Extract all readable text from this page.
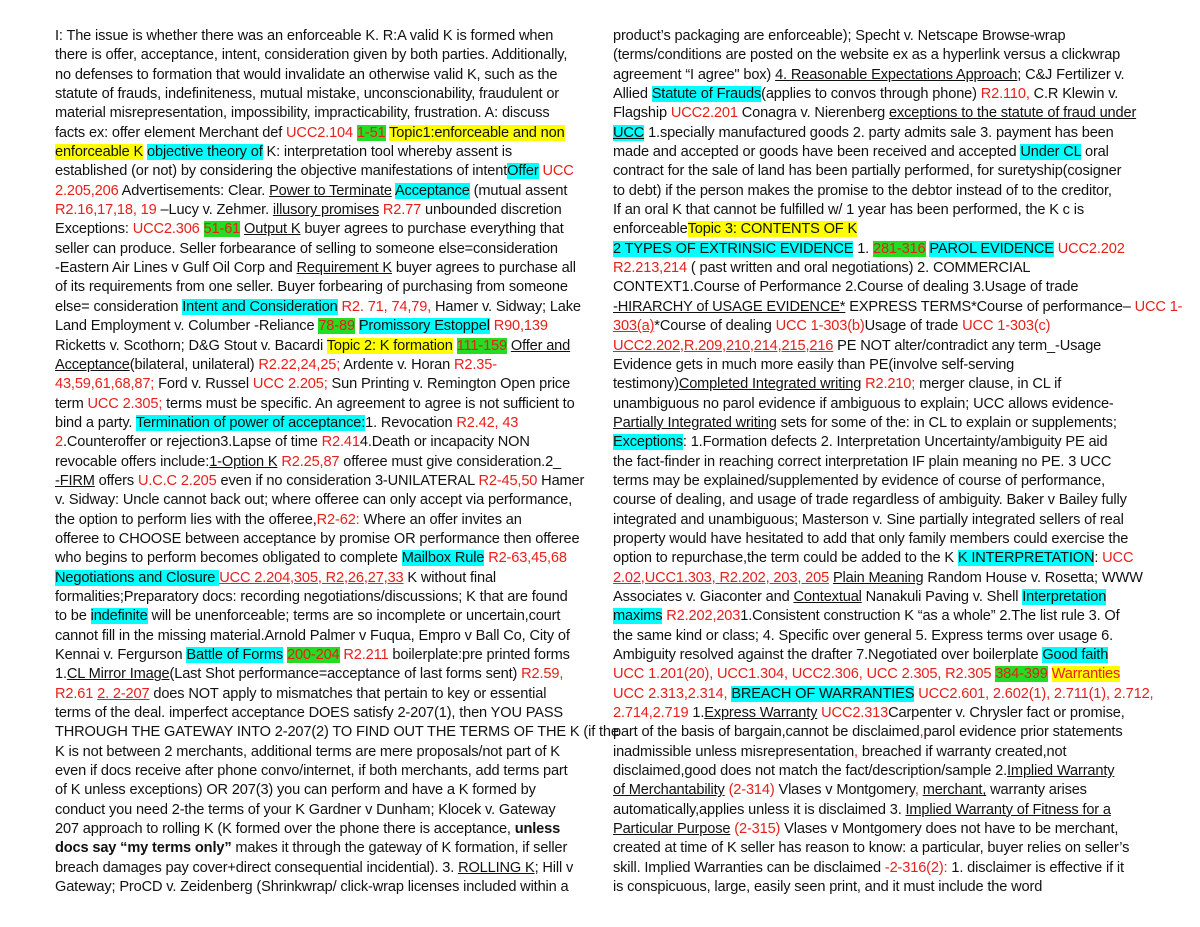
I: The issue is whether there was an enforceable K. R:A valid K is formed when
there is offer, acceptance, intent, consideration given by both parties. Additionally,
no defenses to formation that would invalidate an otherwise valid K, such as the
statute of frauds, indefiniteness, mutual mistake, unconscionability, fraudulent or
material misrepresentation, impossibility, impracticability, frustration. A: discuss
facts ex: offer element Merchant def UCC2.104 1-51 Topic1:enforceable and non
enforceable K objective theory of K: interpretation tool whereby assent is
established (or not) by considering the objective manifestations of intentOffer UCC
2.205,206 Advertisements: Clear. Power to Terminate Acceptance (mutual assent
R2.16,17,18, 19 –Lucy v. Zehmer. illusory promises R2.77 unbounded discretion
Exceptions: UCC2.306 51-61 Output K buyer agrees to purchase everything that
seller can produce. Seller forbearance of selling to someone else=consideration
-Eastern Air Lines v Gulf Oil Corp and Requirement K buyer agrees to purchase all
of its requirements from one seller. Buyer forbearing of purchasing from someone
else= consideration Intent and Consideration R2. 71, 74,79, Hamer v. Sidway; Lake
Land Employment v. Columber -Reliance 78-89 Promissory Estoppel R90,139
Ricketts v. Scothorn; D&G Stout v. Bacardi Topic 2: K formation 111-159 Offer and
Acceptance(bilateral, unilateral) R2.22,24,25; Ardente v. Horan R2.35-
43,59,61,68,87; Ford v. Russel UCC 2.205; Sun Printing v. Remington Open price
term UCC 2.305; terms must be specific. An agreement to agree is not sufficient to
bind a party. Termination of power of acceptance:1. Revocation R2.42, 43
2.Counteroffer or rejection3.Lapse of time R2.414.Death or incapacity NON
revocable offers include:1-Option K R2.25,87 offeree must give consideration.2_
-FIRM offers U.C.C 2.205 even if no consideration 3-UNILATERAL R2-45,50 Hamer
v. Sidway: Uncle cannot back out; where offeree can only accept via performance,
the option to perform lies with the offeree,R2-62: Where an offer invites an
offeree to CHOOSE between acceptance by promise OR performance then offeree
who begins to perform becomes obligated to complete Mailbox Rule R2-63,45,68
Negotiations and Closure UCC 2.204,305, R2,26,27,33 K without final
formalities;Preparatory docs: recording negotiations/discussions; K that are found
to be indefinite will be unenforceable; terms are so incomplete or uncertain,court
cannot fill in the missing material.Arnold Palmer v Fuqua, Empro v Ball Co, City of
Kennai v. Fergurson Battle of Forms 200-204 R2.211 boilerplate:pre printed forms
1.CL Mirror Image(Last Shot performance=acceptance of last forms sent) R2.59,
R2.61 2. 2-207 does NOT apply to mismatches that pertain to key or essential
terms of the deal. imperfect acceptance DOES satisfy 2-207(1), then YOU PASS
THROUGH THE GATEWAY INTO 2-207(2) TO FIND OUT THE TERMS OF THE K (if the
K is not between 2 merchants, additional terms are mere proposals/not part of K
even if docs receive after phone convo/internet, if both merchants, add terms part
of K unless exceptions) OR 207(3) you can perform and have a K formed by
conduct you need 2-the terms of your K Gardner v Dunham; Klocek v. Gateway
207 approach to rolling K (K formed over the phone there is acceptance, unless
docs say “my terms only” makes it through the gateway of K formation, if seller
breach damages pay cover+direct consequential incidential). 3. ROLLING K; Hill v
Gateway; ProCD v. Zeidenberg (Shrinkwrap/ click-wrap licenses included within a
product’s packaging are enforceable); Specht v. Netscape Browse-wrap
(terms/conditions are posted on the website ex as a hyperlink versus a clickwrap
agreement “I agree" box) 4. Reasonable Expectations Approach; C&J Fertilizer v.
Allied Statute of Frauds(applies to convos through phone) R2.110, C.R Klewin v.
Flagship UCC2.201 Conagra v. Nierenberg exceptions to the statute of fraud under
UCC 1.specially manufactured goods 2. party admits sale 3. payment has been
made and accepted or goods have been received and accepted Under CL oral
contract for the sale of land has been partially performed, for suretyship(cosigner
to debt) if the person makes the promise to the debtor instead of to the creditor,
If an oral K that cannot be fulfilled w/ 1 year has been performed, the K c is
enforceableTopic 3: CONTENTS OF K
2 TYPES OF EXTRINSIC EVIDENCE 1. 281-316 PAROL EVIDENCE UCC2.202
R2.213,214 ( past written and oral negotiations) 2. COMMERCIAL
CONTEXT1.Course of Performance 2.Course of dealing 3.Usage of trade
-HIRARCHY of USAGE EVIDENCE* EXPRESS TERMS*Course of performance– UCC 1-
303(a)*Course of dealing UCC 1-303(b)Usage of trade UCC 1-303(c)
UCC2.202,R.209,210,214,215,216 PE NOT alter/contradict any term_-Usage
Evidence gets in much more easily than PE(involve self-serving
testimony)Completed Integrated writing R2.210; merger clause, in CL if
unambiguous no parol evidence if ambiguous to explain; UCC allows evidence-
Partially Integrated writing sets for some of the: in CL to explain or supplements;
Exceptions: 1.Formation defects 2. Interpretation Uncertainty/ambiguity PE aid
the fact-finder in reaching correct interpretation IF plain meaning no PE. 3 UCC
terms may be explained/supplemented by evidence of course of performance,
course of dealing, and usage of trade regardless of ambiguity. Baker v Bailey fully
integrated and unambiguous; Masterson v. Sine partially integrated sellers of real
property would have hesitated to add that only family members could exercise the
option to repurchase,the term could be added to the K K INTERPRETATION: UCC
2.02,UCC1.303, R2.202, 203, 205 Plain Meaning Random House v. Rosetta; WWW
Associates v. Giaconter and Contextual Nanakuli Paving v. Shell Interpretation
maxims R2.202,2031.Consistent construction K “as a whole” 2.The list rule 3. Of
the same kind or class; 4. Specific over general 5. Express terms over usage 6.
Ambiguity resolved against the drafter 7.Negotiated over boilerplate Good faith
UCC 1.201(20), UCC1.304, UCC2.306, UCC 2.305, R2.305 384-399 Warranties
UCC 2.313,2.314, BREACH OF WARRANTIES UCC2.601, 2.602(1), 2.711(1), 2.712,
2.714,2.719 1.Express Warranty UCC2.313Carpenter v. Chrysler fact or promise,
part of the basis of bargain,cannot be disclaimed,parol evidence prior statements
inadmissible unless misrepresentation, breached if warranty created,not
disclaimed,good does not match the fact/description/sample 2.Implied Warranty
of Merchantability (2-314) Vlases v Montgomery, merchant, warranty arises
automatically,applies unless it is disclaimed 3. Implied Warranty of Fitness for a
Particular Purpose (2-315) Vlases v Montgomery does not have to be merchant,
created at time of K seller has reason to know: a particular, buyer relies on seller’s
skill. Implied Warranties can be disclaimed -2-316(2): 1. disclaimer is effective if it
is conspicuous, large, easily seen print, and it must include the word
